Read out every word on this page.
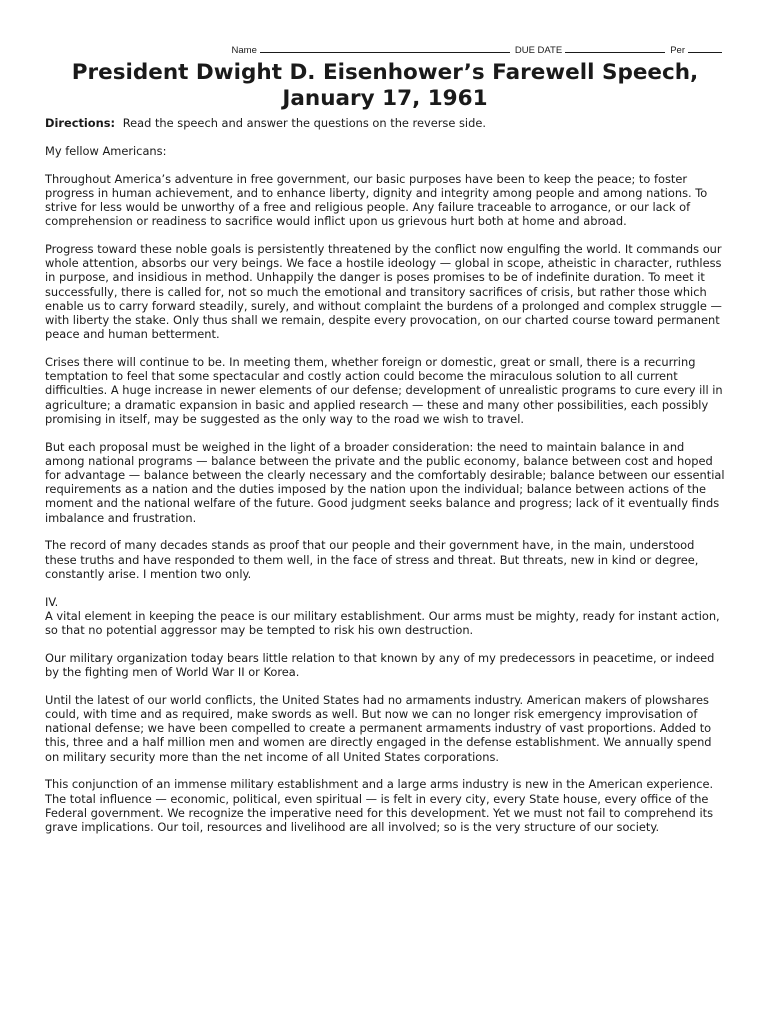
Name	DUE DATE	Per
President Dwight D. Eisenhower’s Farewell Speech,
January 17, 1961

Directions: Read the speech and answer the questions on the reverse side.

My fellow Americans:

Throughout America’s adventure in free government, our basic purposes have been to keep the peace; to foster progress in human achievement, and to enhance liberty, dignity and integrity among people and among nations. To strive for less would be unworthy of a free and religious people. Any failure traceable to arrogance, or our lack of comprehension or readiness to sacrifice would inflict upon us grievous hurt both at home and abroad.

Progress toward these noble goals is persistently threatened by the conflict now engulfing the world. It commands our whole attention, absorbs our very beings. We face a hostile ideology — global in scope, atheistic in character, ruthless in purpose, and insidious in method. Unhappily the danger is poses promises to be of indefinite duration. To meet it successfully, there is called for, not so much the emotional and transitory sacrifices of crisis, but rather those which enable us to carry forward steadily, surely, and without complaint the burdens of a prolonged and complex struggle — with liberty the stake. Only thus shall we remain, despite every provocation, on our charted course toward permanent peace and human betterment.

Crises there will continue to be. In meeting them, whether foreign or domestic, great or small, there is a recurring temptation to feel that some spectacular and costly action could become the miraculous solution to all current difficulties. A huge increase in newer elements of our defense; development of unrealistic programs to cure every ill in agriculture; a dramatic expansion in basic and applied research — these and many other possibilities, each possibly promising in itself, may be suggested as the only way to the road we wish to travel.

But each proposal must be weighed in the light of a broader consideration: the need to maintain balance in and among national programs — balance between the private and the public economy, balance between cost and hoped for advantage — balance between the clearly necessary and the comfortably desirable; balance between our essential requirements as a nation and the duties imposed by the nation upon the individual; balance between actions of the moment and the national welfare of the future. Good judgment seeks balance and progress; lack of it eventually finds imbalance and frustration.

The record of many decades stands as proof that our people and their government have, in the main, understood these truths and have responded to them well, in the face of stress and threat. But threats, new in kind or degree, constantly arise. I mention two only.

IV.

A vital element in keeping the peace is our military establishment. Our arms must be mighty, ready for instant action, so that no potential aggressor may be tempted to risk his own destruction.

Our military organization today bears little relation to that known by any of my predecessors in peacetime, or indeed by the fighting men of World War II or Korea.

Until the latest of our world conflicts, the United States had no armaments industry. American makers of plowshares could, with time and as required, make swords as well. But now we can no longer risk emergency improvisation of national defense; we have been compelled to create a permanent armaments industry of vast proportions. Added to this, three and a half million men and women are directly engaged in the defense establishment. We annually spend on military security more than the net income of all United States corporations.

This conjunction of an immense military establishment and a large arms industry is new in the American experience. The total influence — economic, political, even spiritual — is felt in every city, every State house, every office of the Federal government. We recognize the imperative need for this development. Yet we must not fail to comprehend its grave implications. Our toil, resources and livelihood are all involved; so is the very structure of our society.
